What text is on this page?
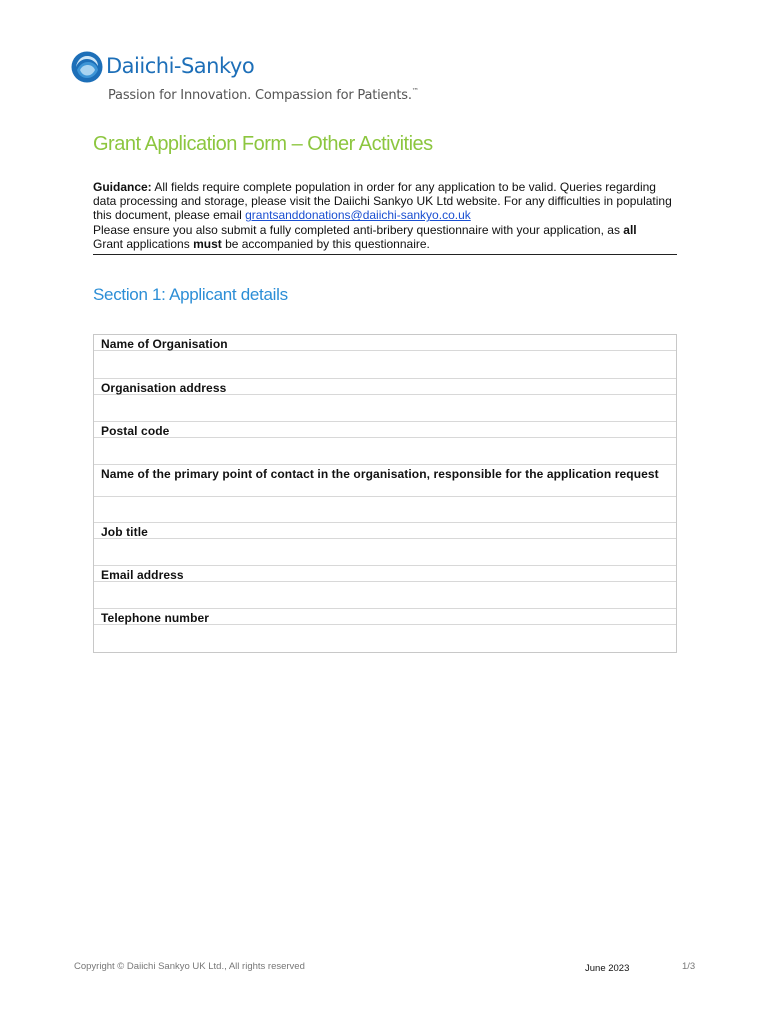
Daiichi-Sankyo
Passion for Innovation. Compassion for Patients.™
Grant Application Form – Other Activities
Guidance: All fields require complete population in order for any application to be valid. Queries regarding data processing and storage, please visit the Daiichi Sankyo UK Ltd website. For any difficulties in populating this document, please email grantsanddonations@daiichi-sankyo.co.uk
Please ensure you also submit a fully completed anti-bribery questionnaire with your application, as all
Grant applications must be accompanied by this questionnaire.
Section 1: Applicant details
Name of Organisation
Organisation address
Postal code
Name of the primary point of contact in the organisation, responsible for the application request
Job title
Email address
Telephone number
Copyright © Daiichi Sankyo UK Ltd., All rights reserved	June 2023	1/3
